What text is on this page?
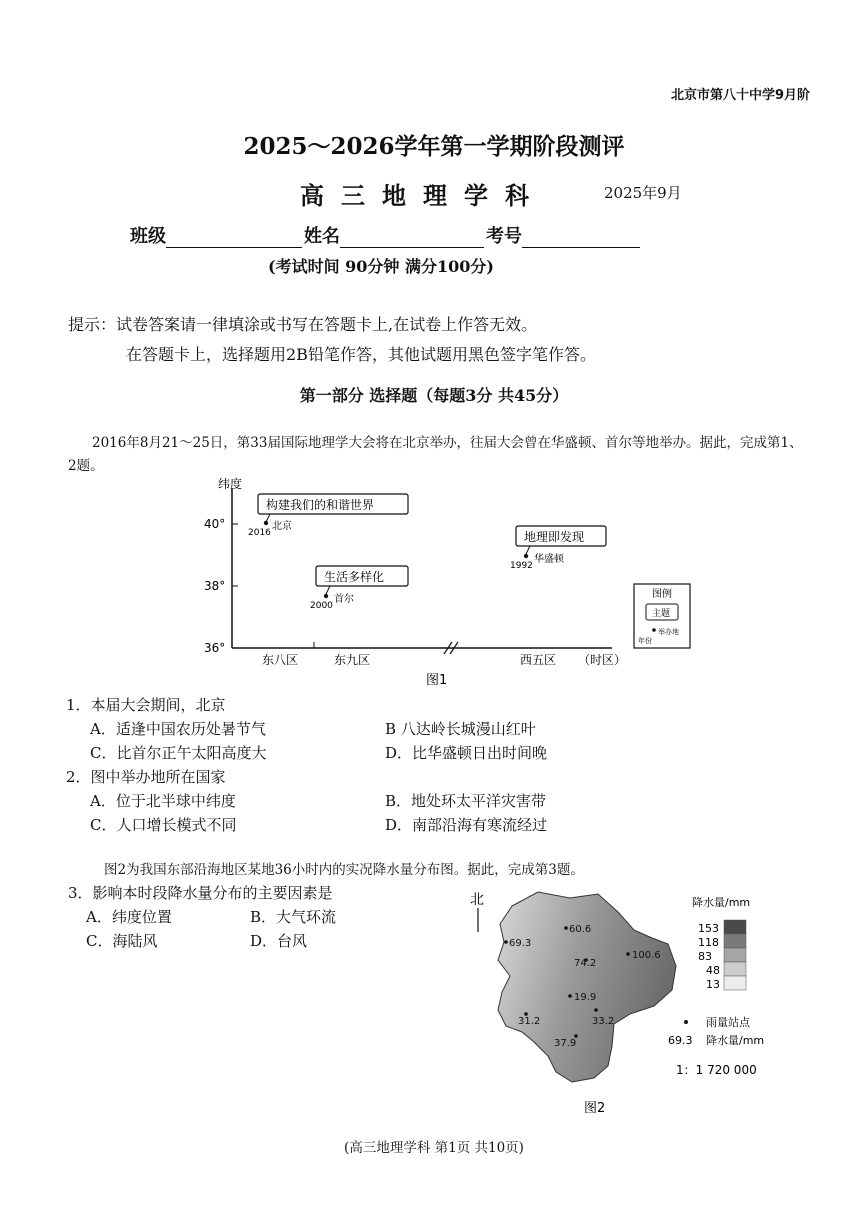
北京市第八十中学9月阶
2025～2026学年第一学期阶段测评
高三地理学科	2025年9月
班级	姓名	考号
(考试时间 90分钟 满分100分)
提示：试卷答案请一律填涂或书写在答题卡上,在试卷上作答无效。
在答题卡上，选择题用2B铅笔作答，其他试题用黑色签字笔作答。
第一部分 选择题（每题3分 共45分）
2016年8月21～25日，第33届国际地理学大会将在北京举办，往届大会曾在华盛顿、首尔等地举办。据此，完成第1、2题。
纬度
40°
38°
36°
东八区	东九区	西五区 （时区）
图1
构建我们的和谐世界
2016
北京
生活多样化
2000
首尔
地理即发现
1992
华盛顿
图例
主题
举办地
年份
1．本届大会期间，北京
A．适逢中国农历处暑节气	B 八达岭长城漫山红叶
C．比首尔正午太阳高度大	D．比华盛顿日出时间晚
2．图中举办地所在国家
A．位于北半球中纬度	B．地处环太平洋灾害带
C．人口增长模式不同	D．南部沿海有寒流经过
图2为我国东部沿海地区某地36小时内的实况降水量分布图。据此，完成第3题。
3．影响本时段降水量分布的主要因素是
A．纬度位置	B．大气环流
C．海陆风	D．台风
北
60.6
69.3
74.2
100.6
19.9
31.2	33.2
37.9
降水量/mm
153
118
83
48
13
雨量站点
69.3 降水量/mm
1：1 720 000
图2
(高三地理学科 第1页 共10页)
